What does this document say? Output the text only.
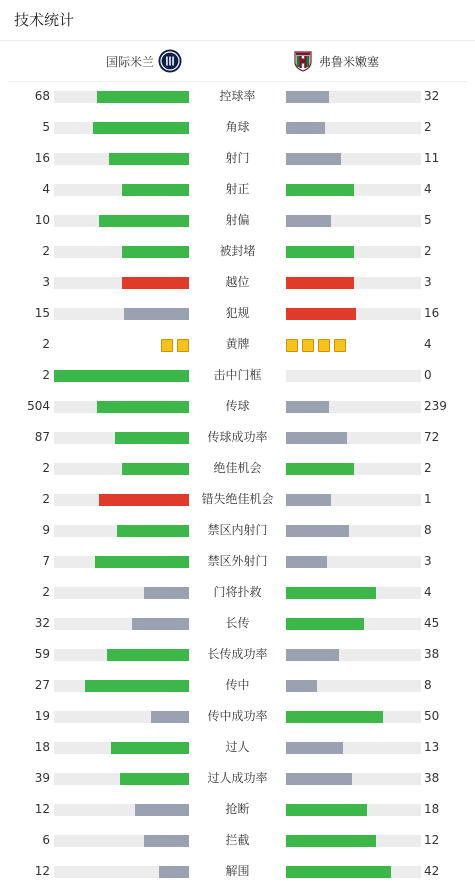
技术统计
国际米兰	弗鲁米嫩塞
68	控球率	32
5	角球	2
16	射门	11
4	射正	4
10	射偏	5
2	被封堵	2
3	越位	3
15	犯规	16
2	黄牌	4
2	击中门框	0
504	传球	239
87	传球成功率	72
2	绝佳机会	2
2	错失绝佳机会	1
9	禁区内射门	8
7	禁区外射门	3
2	门将扑救	4
32	长传	45
59	长传成功率	38
27	传中	8
19	传中成功率	50
18	过人	13
39	过人成功率	38
12	抢断	18
6	拦截	12
12	解围	42
